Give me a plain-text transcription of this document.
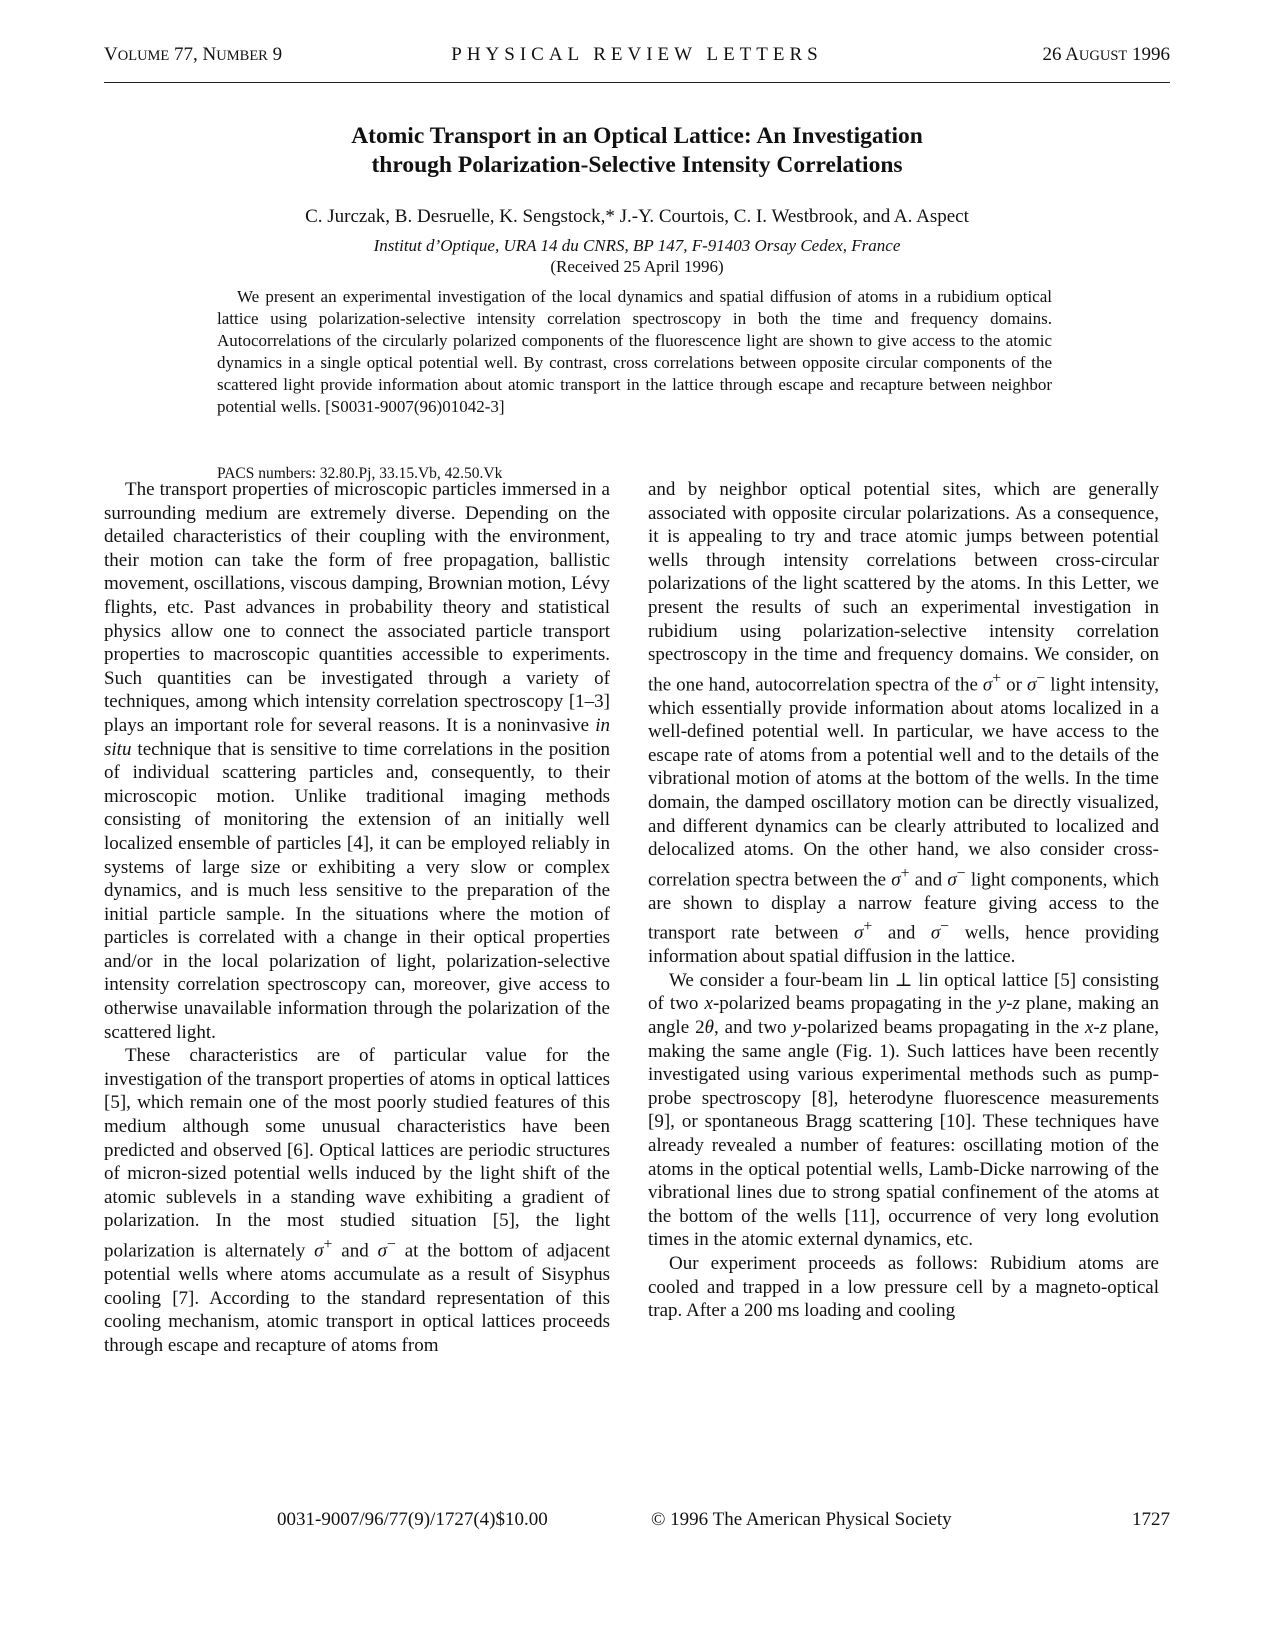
VOLUME 77, NUMBER 9	PHYSICAL REVIEW LETTERS	26 AUGUST 1996
Atomic Transport in an Optical Lattice: An Investigation
through Polarization-Selective Intensity Correlations
C. Jurczak, B. Desruelle, K. Sengstock,* J.-Y. Courtois, C. I. Westbrook, and A. Aspect
Institut d’Optique, URA 14 du CNRS, BP 147, F-91403 Orsay Cedex, France
(Received 25 April 1996)
We present an experimental investigation of the local dynamics and spatial diffusion of atoms in a rubidium optical lattice using polarization-selective intensity correlation spectroscopy in both the time and frequency domains. Autocorrelations of the circularly polarized components of the fluorescence light are shown to give access to the atomic dynamics in a single optical potential well. By contrast, cross correlations between opposite circular components of the scattered light provide information about atomic transport in the lattice through escape and recapture between neighbor potential wells. [S0031-9007(96)01042-3]
PACS numbers: 32.80.Pj, 33.15.Vb, 42.50.Vk

The transport properties of microscopic particles immersed in a surrounding medium are extremely diverse. Depending on the detailed characteristics of their coupling with the environment, their motion can take the form of free propagation, ballistic movement, oscillations, viscous damping, Brownian motion, Lévy flights, etc. Past advances in probability theory and statistical physics allow one to connect the associated particle transport properties to macroscopic quantities accessible to experiments. Such quantities can be investigated through a variety of techniques, among which intensity correlation spectroscopy [1–3] plays an important role for several reasons. It is a noninvasive in situ technique that is sensitive to time correlations in the position of individual scattering particles and, consequently, to their microscopic motion. Unlike traditional imaging methods consisting of monitoring the extension of an initially well localized ensemble of particles [4], it can be employed reliably in systems of large size or exhibiting a very slow or complex dynamics, and is much less sensitive to the preparation of the initial particle sample. In the situations where the motion of particles is correlated with a change in their optical properties and/or in the local polarization of light, polarization-selective intensity correlation spectroscopy can, moreover, give access to otherwise unavailable information through the polarization of the scattered light.

These characteristics are of particular value for the investigation of the transport properties of atoms in optical lattices [5], which remain one of the most poorly studied features of this medium although some unusual characteristics have been predicted and observed [6]. Optical lattices are periodic structures of micron-sized potential wells induced by the light shift of the atomic sublevels in a standing wave exhibiting a gradient of polarization. In the most studied situation [5], the light polarization is alternately σ+ and σ− at the bottom of adjacent potential wells where atoms accumulate as a result of Sisyphus cooling [7]. According to the standard representation of this cooling mechanism, atomic transport in optical lattices proceeds through escape and recapture of atoms from

and by neighbor optical potential sites, which are generally associated with opposite circular polarizations. As a consequence, it is appealing to try and trace atomic jumps between potential wells through intensity correlations between cross-circular polarizations of the light scattered by the atoms. In this Letter, we present the results of such an experimental investigation in rubidium using polarization-selective intensity correlation spectroscopy in the time and frequency domains. We consider, on the one hand, autocorrelation spectra of the σ+ or σ− light intensity, which essentially provide information about atoms localized in a well-defined potential well. In particular, we have access to the escape rate of atoms from a potential well and to the details of the vibrational motion of atoms at the bottom of the wells. In the time domain, the damped oscillatory motion can be directly visualized, and different dynamics can be clearly attributed to localized and delocalized atoms. On the other hand, we also consider cross-correlation spectra between the σ+ and σ− light components, which are shown to display a narrow feature giving access to the transport rate between σ+ and σ− wells, hence providing information about spatial diffusion in the lattice.

We consider a four-beam lin ⊥ lin optical lattice [5] consisting of two x-polarized beams propagating in the y-z plane, making an angle 2θ, and two y-polarized beams propagating in the x-z plane, making the same angle (Fig. 1). Such lattices have been recently investigated using various experimental methods such as pump-probe spectroscopy [8], heterodyne fluorescence measurements [9], or spontaneous Bragg scattering [10]. These techniques have already revealed a number of features: oscillating motion of the atoms in the optical potential wells, Lamb-Dicke narrowing of the vibrational lines due to strong spatial confinement of the atoms at the bottom of the wells [11], occurrence of very long evolution times in the atomic external dynamics, etc.

Our experiment proceeds as follows: Rubidium atoms are cooled and trapped in a low pressure cell by a magneto-optical trap. After a 200 ms loading and cooling

0031-9007/96/77(9)/1727(4)$10.00	© 1996 The American Physical Society	1727
